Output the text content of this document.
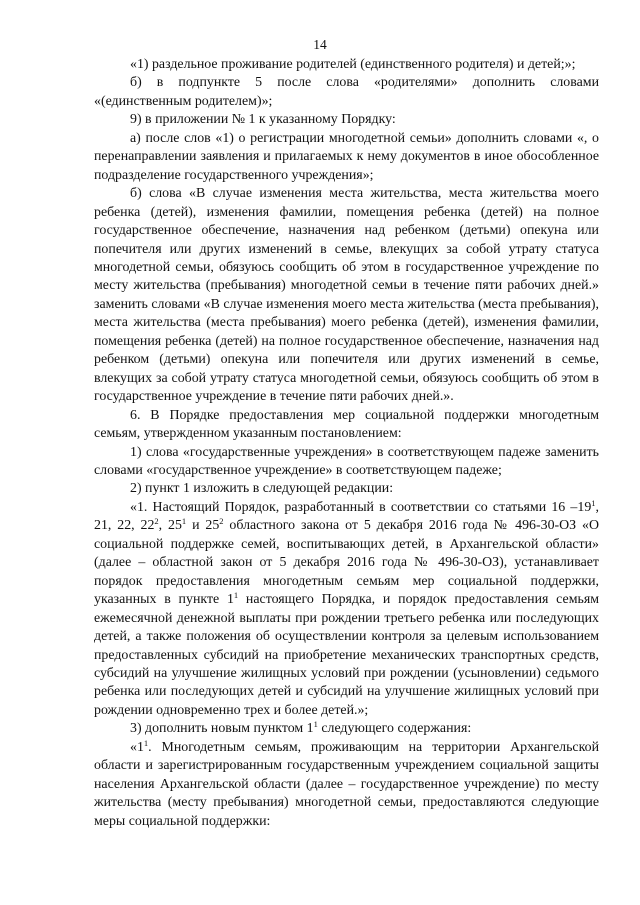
14

«1) раздельное проживание родителей (единственного родителя) и детей;»;

б) в подпункте 5 после слова «родителями» дополнить словами «(единственным родителем)»;

9) в приложении № 1 к указанному Порядку:

а) после слов «1) о регистрации многодетной семьи» дополнить словами «, о перенаправлении заявления и прилагаемых к нему документов в иное обособленное подразделение государственного учреждения»;

б) слова «В случае изменения места жительства, места жительства моего ребенка (детей), изменения фамилии, помещения ребенка (детей) на полное государственное обеспечение, назначения над ребенком (детьми) опекуна или попечителя или других изменений в семье, влекущих за собой утрату статуса многодетной семьи, обязуюсь сообщить об этом в государственное учреждение по месту жительства (пребывания) многодетной семьи в течение пяти рабочих дней.» заменить словами «В случае изменения моего места жительства (места пребывания), места жительства (места пребывания) моего ребенка (детей), изменения фамилии, помещения ребенка (детей) на полное государственное обеспечение, назначения над ребенком (детьми) опекуна или попечителя или других изменений в семье, влекущих за собой утрату статуса многодетной семьи, обязуюсь сообщить об этом в государственное учреждение в течение пяти рабочих дней.».

6. В Порядке предоставления мер социальной поддержки многодетным семьям, утвержденном указанным постановлением:

1) слова «государственные учреждения» в соответствующем падеже заменить словами «государственное учреждение» в соответствующем падеже;

2) пункт 1 изложить в следующей редакции:

«1. Настоящий Порядок, разработанный в соответствии со статьями 16 $-19^1$, 21, 22, $22^2$, $25^1$ и $25^2$ областного закона от 5 декабря 2016 года № 496-30-ОЗ «О социальной поддержке семей, воспитывающих детей, в Архангельской области» (далее – областной закон от 5 декабря 2016 года № 496-30-ОЗ), устанавливает порядок предоставления многодетным семьям мер социальной поддержки, указанных в пункте $1^1$ настоящего Порядка, и порядок предоставления семьям ежемесячной денежной выплаты при рождении третьего ребенка или последующих детей, а также положения об осуществлении контроля за целевым использованием предоставленных субсидий на приобретение механических транспортных средств, субсидий на улучшение жилищных условий при рождении (усыновлении) седьмого ребенка или последующих детей и субсидий на улучшение жилищных условий при рождении одновременно трех и более детей.»;

3) дополнить новым пунктом $1^1$ следующего содержания:

«$1^1$. Многодетным семьям, проживающим на территории Архангельской области и зарегистрированным государственным учреждением социальной защиты населения Архангельской области (далее – государственное учреждение) по месту жительства (месту пребывания) многодетной семьи, предоставляются следующие меры социальной поддержки:
